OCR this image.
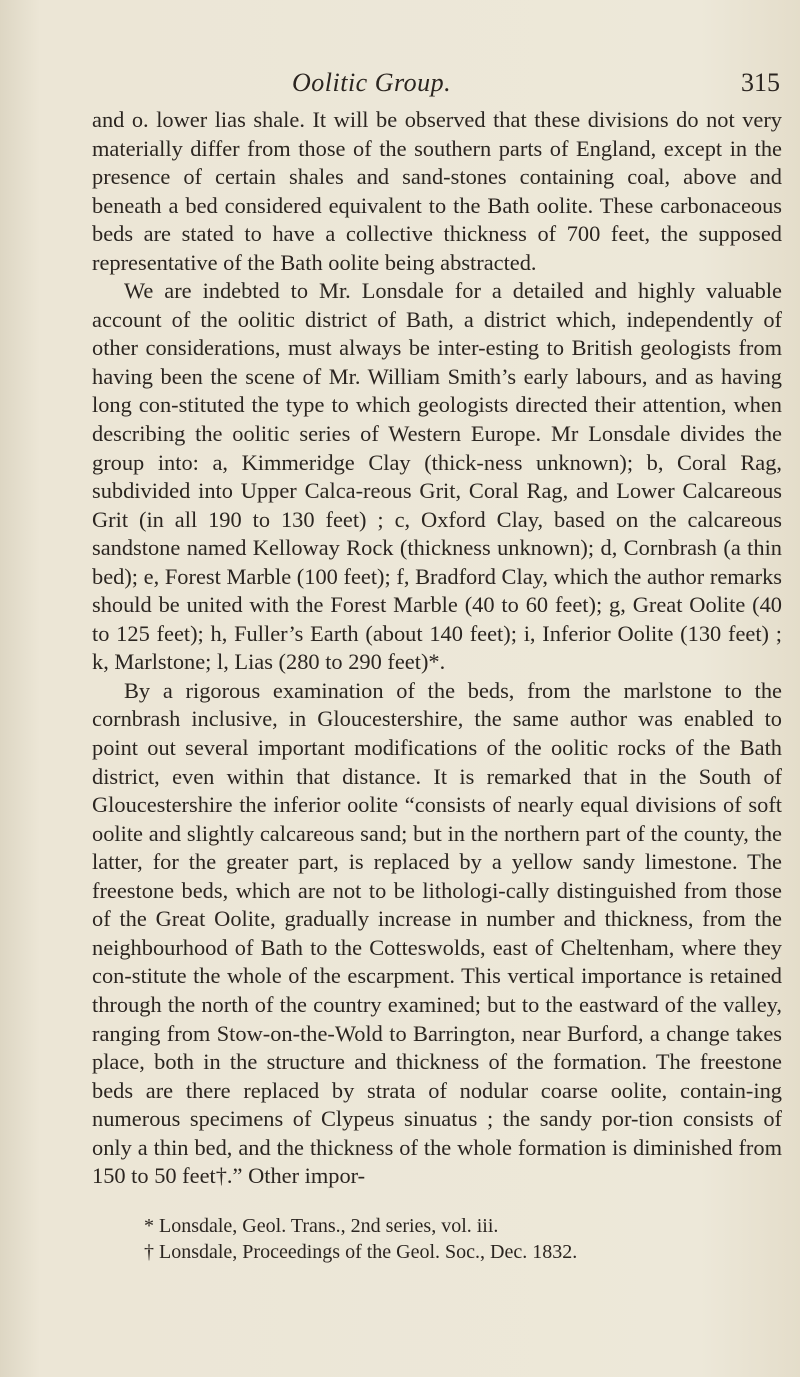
Oolitic Group.	315

and o. lower lias shale. It will be observed that these divisions do not very materially differ from those of the southern parts of England, except in the presence of certain shales and sand-stones containing coal, above and beneath a bed considered equivalent to the Bath oolite. These carbonaceous beds are stated to have a collective thickness of 700 feet, the supposed representative of the Bath oolite being abstracted.

We are indebted to Mr. Lonsdale for a detailed and highly valuable account of the oolitic district of Bath, a district which, independently of other considerations, must always be inter-esting to British geologists from having been the scene of Mr. William Smith’s early labours, and as having long con-stituted the type to which geologists directed their attention, when describing the oolitic series of Western Europe. Mr Lonsdale divides the group into: a, Kimmeridge Clay (thick-ness unknown); b, Coral Rag, subdivided into Upper Calca-reous Grit, Coral Rag, and Lower Calcareous Grit (in all 190 to 130 feet) ; c, Oxford Clay, based on the calcareous sandstone named Kelloway Rock (thickness unknown); d, Cornbrash (a thin bed); e, Forest Marble (100 feet); f, Bradford Clay, which the author remarks should be united with the Forest Marble (40 to 60 feet); g, Great Oolite (40 to 125 feet); h, Fuller’s Earth (about 140 feet); i, Inferior Oolite (130 feet) ; k, Marlstone; l, Lias (280 to 290 feet)*.

By a rigorous examination of the beds, from the marlstone to the cornbrash inclusive, in Gloucestershire, the same author was enabled to point out several important modifications of the oolitic rocks of the Bath district, even within that distance. It is remarked that in the South of Gloucestershire the inferior oolite “consists of nearly equal divisions of soft oolite and slightly calcareous sand; but in the northern part of the county, the latter, for the greater part, is replaced by a yellow sandy limestone. The freestone beds, which are not to be lithologi-cally distinguished from those of the Great Oolite, gradually increase in number and thickness, from the neighbourhood of Bath to the Cotteswolds, east of Cheltenham, where they con-stitute the whole of the escarpment. This vertical importance is retained through the north of the country examined; but to the eastward of the valley, ranging from Stow-on-the-Wold to Barrington, near Burford, a change takes place, both in the structure and thickness of the formation. The freestone beds are there replaced by strata of nodular coarse oolite, contain-ing numerous specimens of Clypeus sinuatus ; the sandy por-tion consists of only a thin bed, and the thickness of the whole formation is diminished from 150 to 50 feet†.” Other impor-

* Lonsdale, Geol. Trans., 2nd series, vol. iii.
† Lonsdale, Proceedings of the Geol. Soc., Dec. 1832.
